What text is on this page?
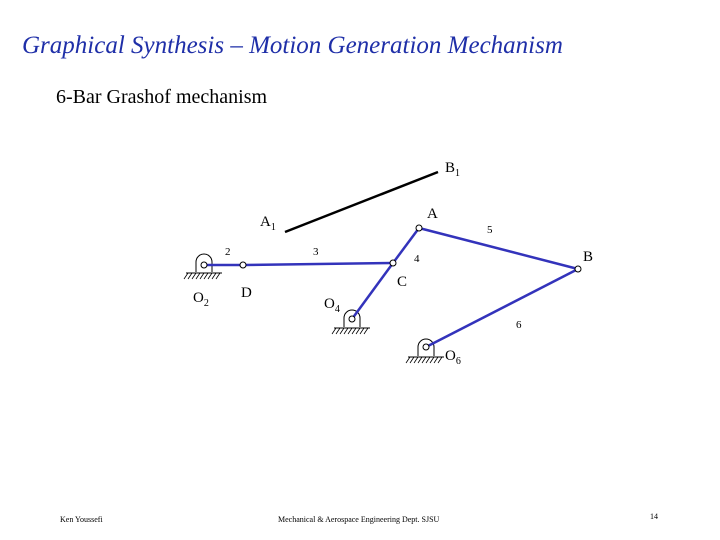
Graphical Synthesis – Motion Generation Mechanism
6-Bar Grashof mechanism
$B_1$
$A_1$
A
B
C
D
$O_2$	$O_4$
$O_6$
2	3
4
5
6
Ken Youssefi	Mechanical & Aerospace Engineering Dept. SJSU	14
